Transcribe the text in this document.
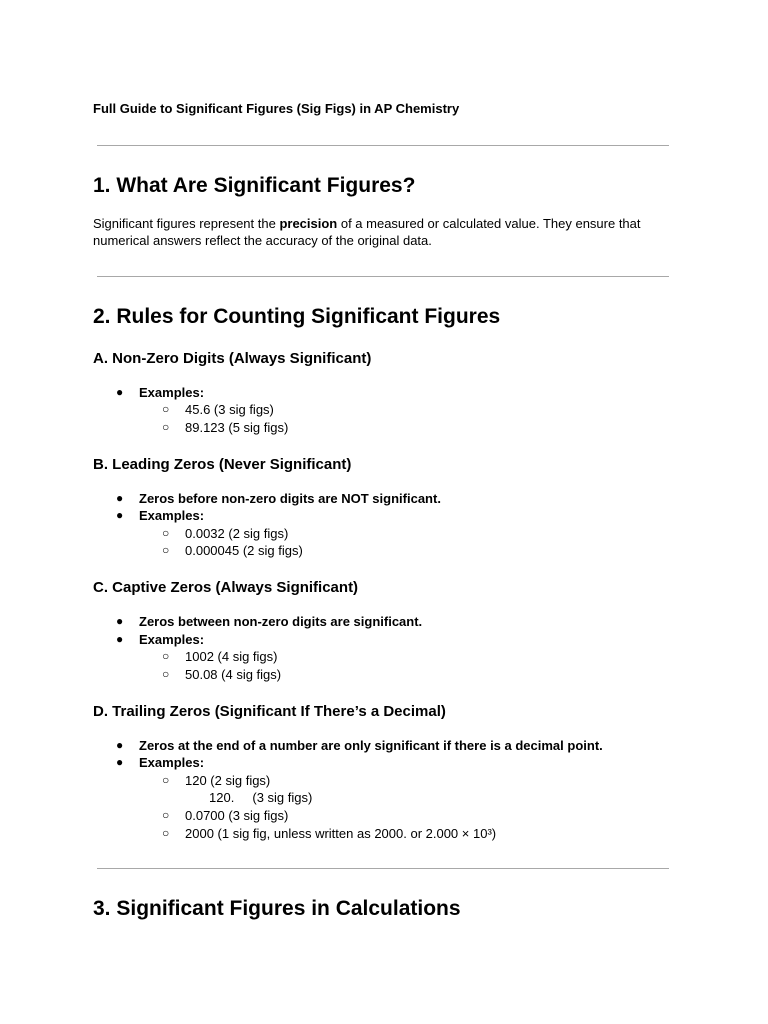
Full Guide to Significant Figures (Sig Figs) in AP Chemistry

1. What Are Significant Figures?

Significant figures represent the precision of a measured or calculated value. They ensure that numerical answers reflect the accuracy of the original data.

2. Rules for Counting Significant Figures
A. Non-Zero Digits (Always Significant)
● Examples:

○ 45.6 (3 sig figs)

○ 89.123 (5 sig figs)

B. Leading Zeros (Never Significant)
● Zeros before non-zero digits are NOT significant.

● Examples:

○ 0.0032 (2 sig figs)

○ 0.000045 (2 sig figs)

C. Captive Zeros (Always Significant)
● Zeros between non-zero digits are significant.

● Examples:

○ 1002 (4 sig figs)

○ 50.08 (4 sig figs)

D. Trailing Zeros (Significant If There’s a Decimal)
● Zeros at the end of a number are only significant if there is a decimal point.

● Examples:

○ 120 (2 sig figs)

120.     (3 sig figs)

○ 0.0700 (3 sig figs)

○ 2000 (1 sig fig, unless written as 2000. or 2.000 × 10³)

3. Significant Figures in Calculations
